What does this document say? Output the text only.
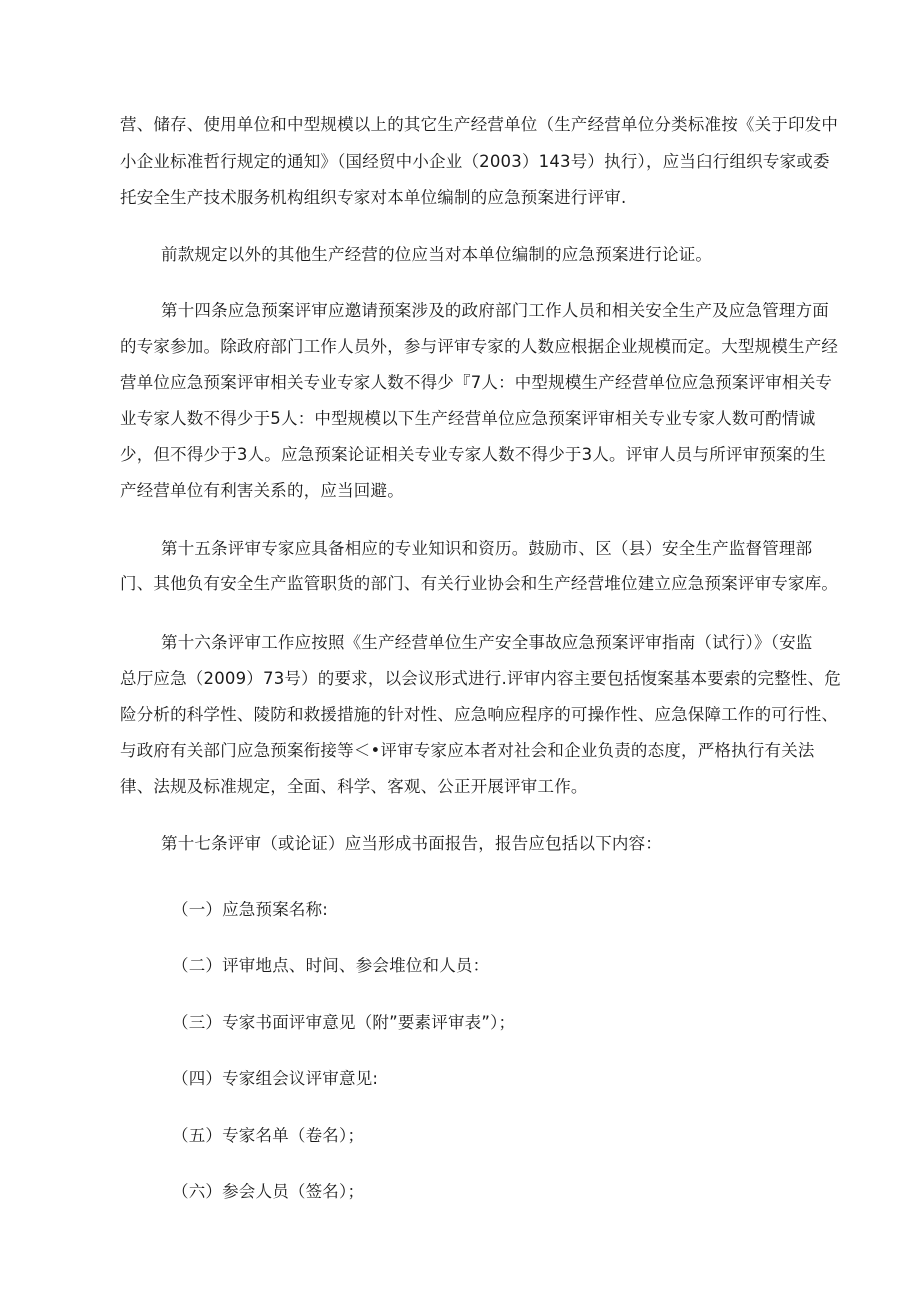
营、储存、使用单位和中型规模以上的其它生产经营单位（生产经营单位分类标准按《关于印发中
小企业标准哲行规定的通知》（国经贸中小企业（2003）143号）执行），应当臼行组织专家或委
托安全生产技术服务机构组织专家对本单位编制的应急预案进行评审.
前款规定以外的其他生产经营的位应当对本单位编制的应急预案进行论证。
第十四条应急预案评审应邀请预案涉及的政府部门工作人员和相关安全生产及应急管理方面
的专家参加。除政府部门工作人员外，参与评审专家的人数应根据企业规模而定。大型规模生产经
营单位应急预案评审相关专业专家人数不得少『7人：中型规模生产经营单位应急预案评审相关专
业专家人数不得少于5人：中型规模以下生产经营单位应急预案评审相关专业专家人数可酌情诚
少，但不得少于3人。应急预案论证相关专业专家人数不得少于3人。评审人员与所评审预案的生
产经营单位有利害关系的，应当回避。
第十五条评审专家应具备相应的专业知识和资历。鼓励市、区（县）安全生产监督管理部
门、其他负有安全生产监管职货的部门、有关行业协会和生产经营堆位建立应急预案评审专家库。
第十六条评审工作应按照《生产经营单位生产安全事故应急预案评审指南（试行）》（安监
总厅应急（2009）73号）的要求，以会议形式进行.评审内容主要包括愎案基本要索的完整性、危
险分析的科学性、陵防和救援措施的针对性、应急响应程序的可操作性、应急保障工作的可行性、
与政府有关部门应急预案衔接等＜•评审专家应本者对社会和企业负责的态度，严格执行有关法
律、法规及标准规定，全面、科学、客观、公正开展评审工作。
第十七条评审（或论证）应当形成书面报告，报告应包括以下内容：
（一）应急预案名称:
（二）评审地点、时间、参会堆位和人员：
（三）专家书面评审意见（附”要素评审表”）；
（四）专家组会议评审意见:
（五）专家名单（卷名）；
（六）参会人员（签名）；
